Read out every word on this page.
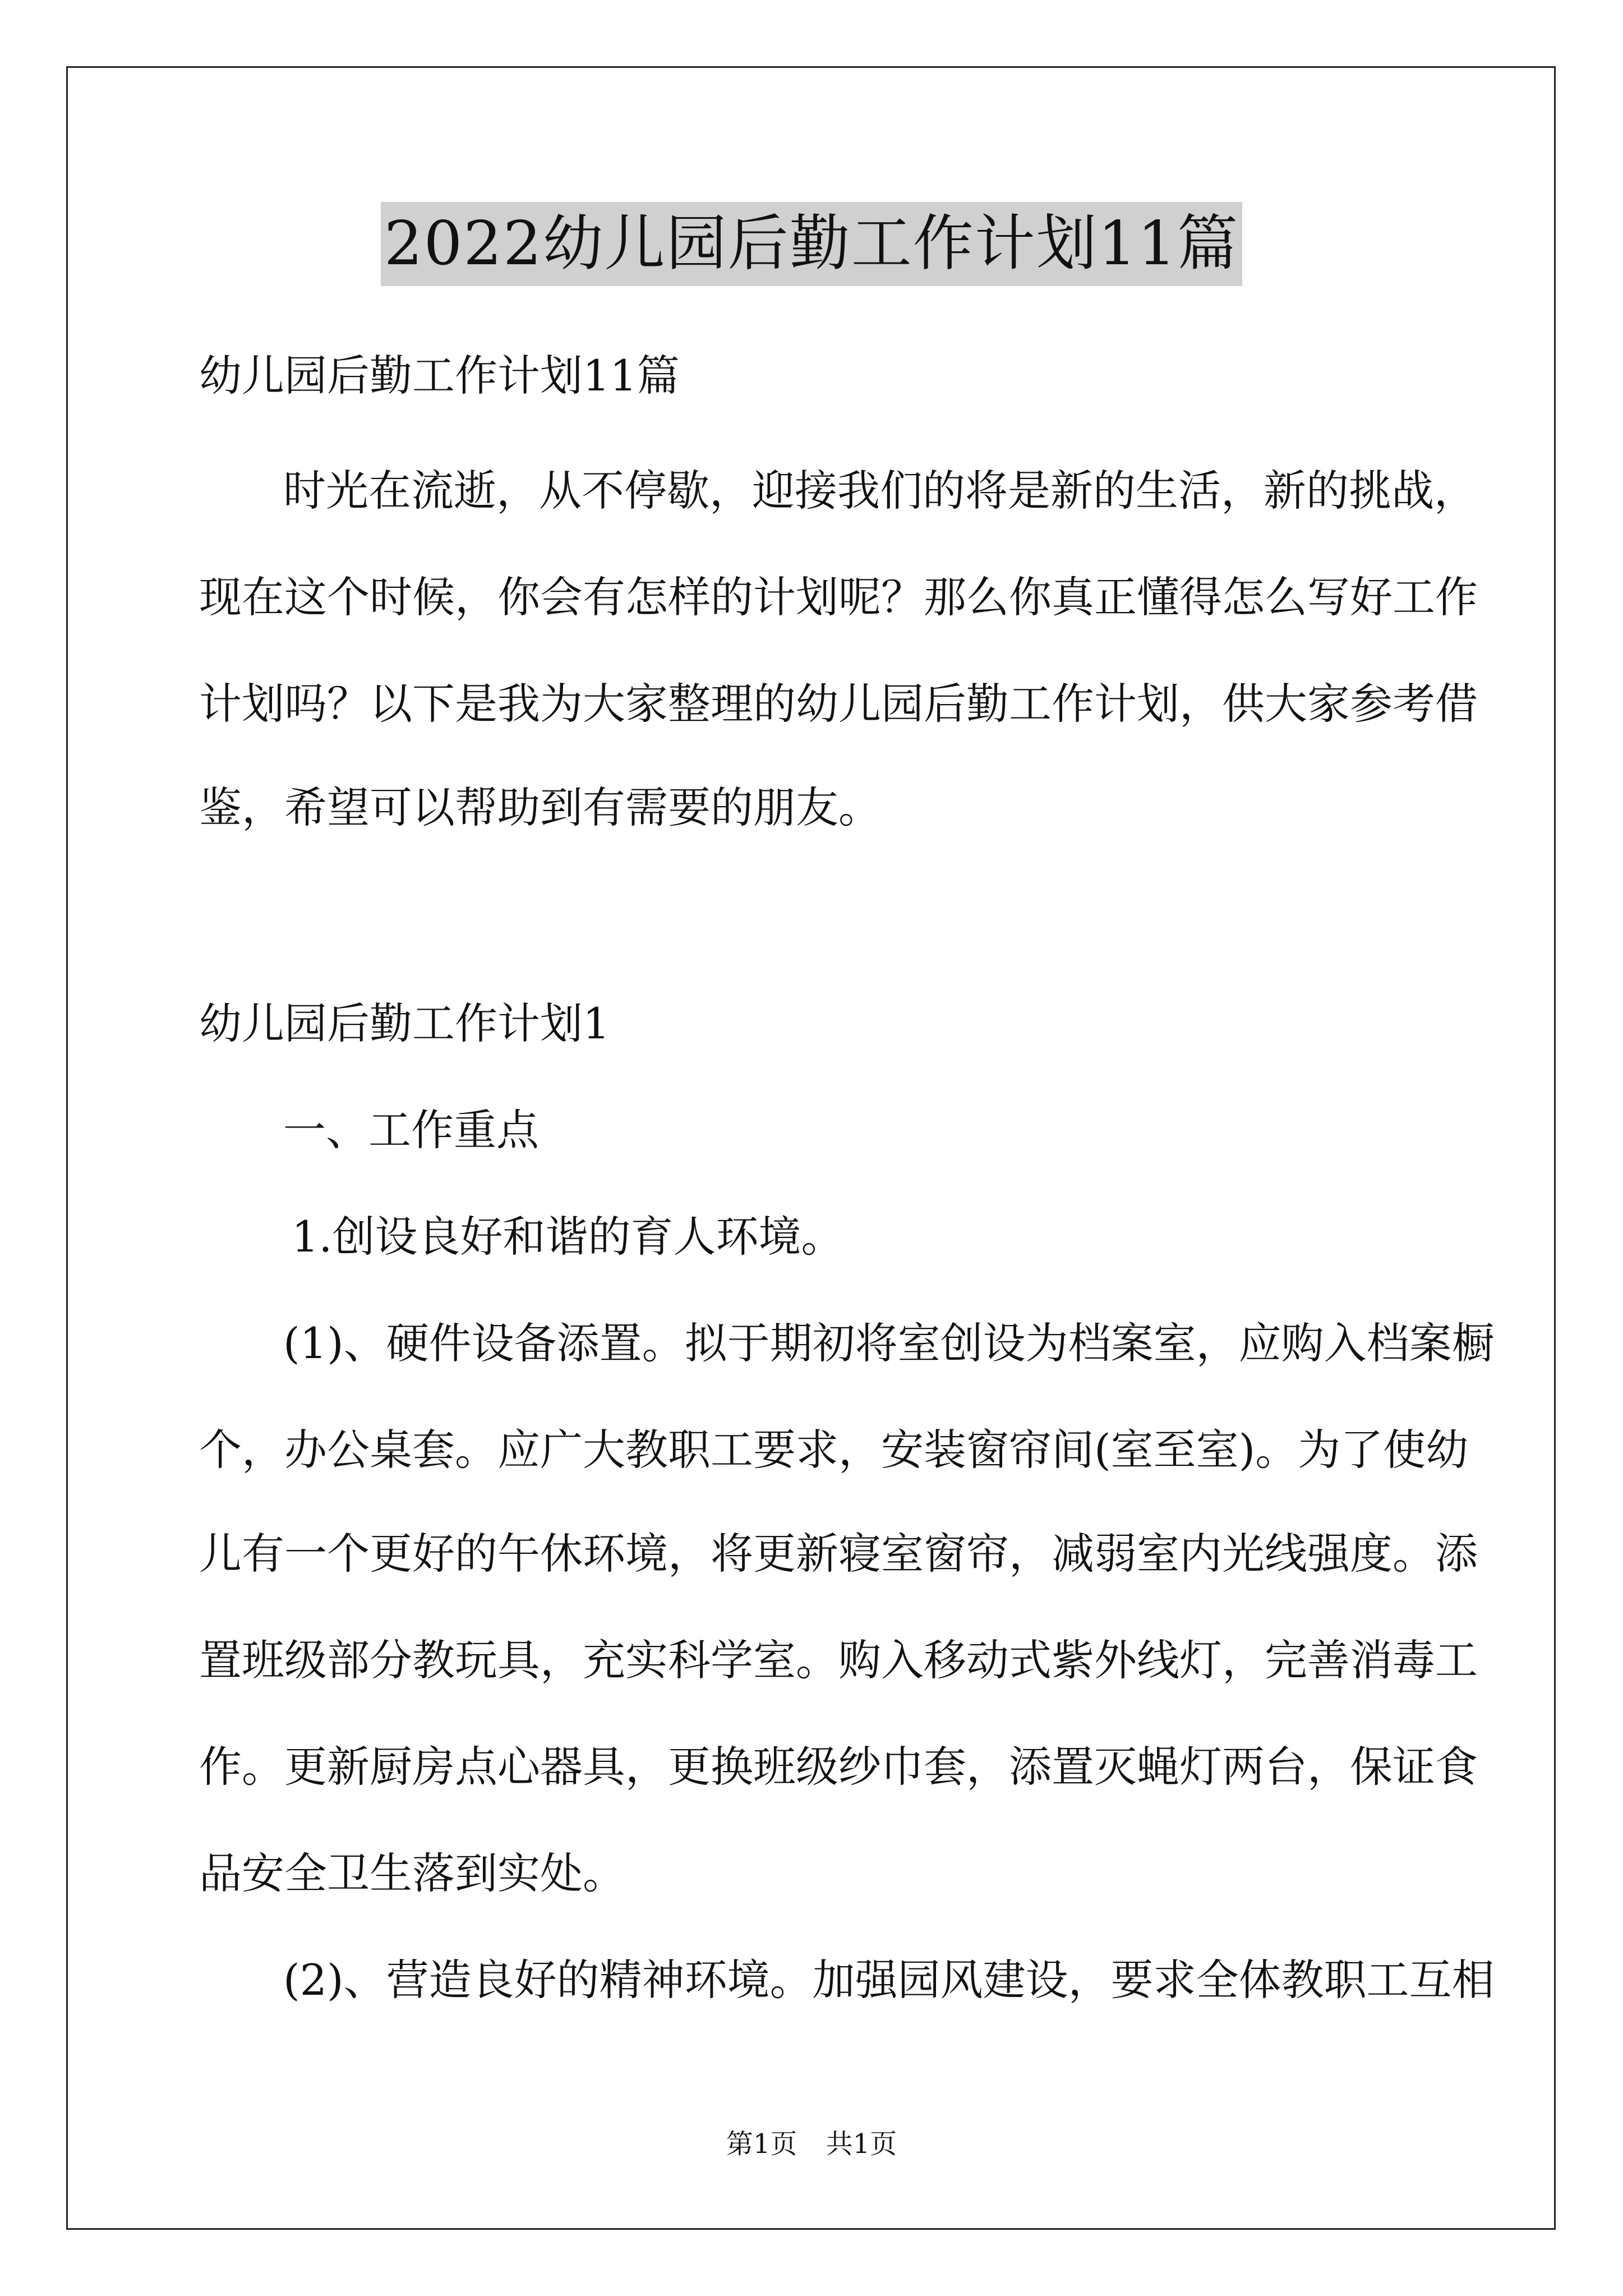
2022幼儿园后勤工作计划11篇
幼儿园后勤工作计划11篇
时光在流逝，从不停歇，迎接我们的将是新的生活，新的挑战，
现在这个时候，你会有怎样的计划呢？那么你真正懂得怎么写好工作
计划吗？以下是我为大家整理的幼儿园后勤工作计划，供大家参考借
鉴，希望可以帮助到有需要的朋友。
幼儿园后勤工作计划1
一、工作重点
1.创设良好和谐的育人环境。
(1)、硬件设备添置。拟于期初将室创设为档案室，应购入档案橱
个，办公桌套。应广大教职工要求，安装窗帘间(室至室)。为了使幼
儿有一个更好的午休环境，将更新寝室窗帘，减弱室内光线强度。添
置班级部分教玩具，充实科学室。购入移动式紫外线灯，完善消毒工
作。更新厨房点心器具，更换班级纱巾套，添置灭蝇灯两台，保证食
品安全卫生落到实处。
(2)、营造良好的精神环境。加强园风建设，要求全体教职工互相
第1页 共1页
